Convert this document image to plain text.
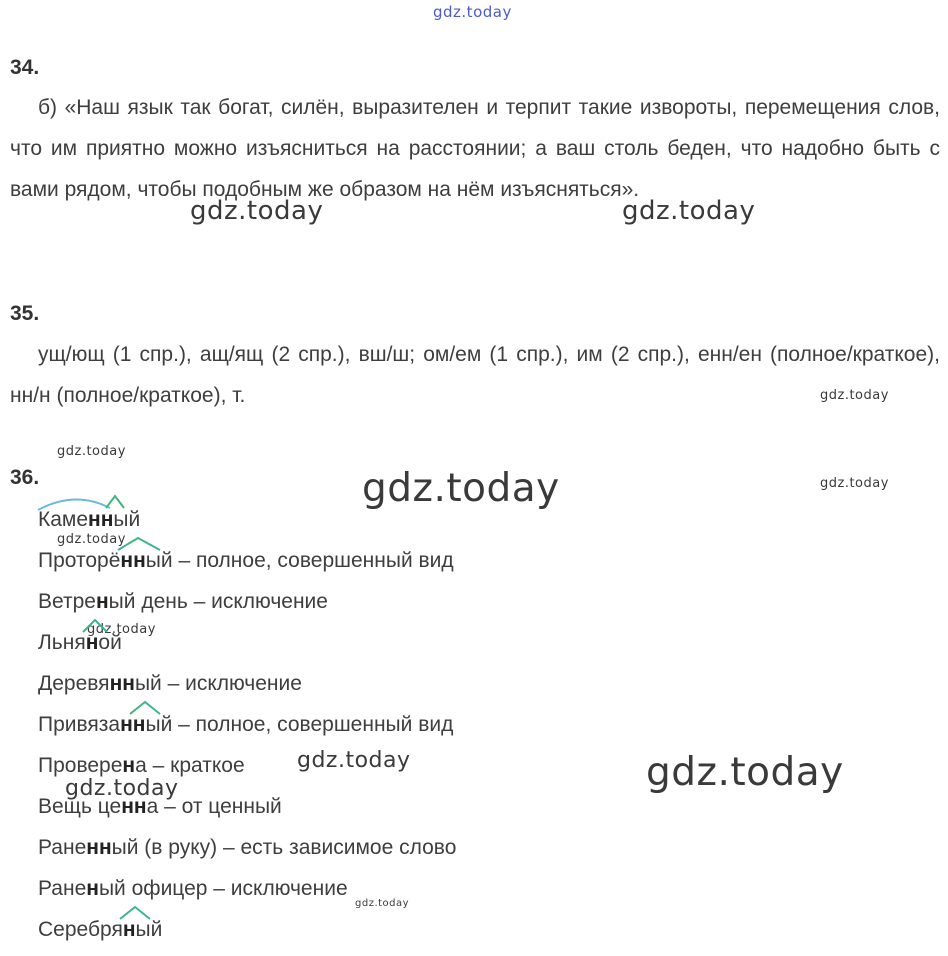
gdz.today
gdz.today	gdz.today
gdz.today
gdz.today
gdz.today	gdz.today
gdz.today
gdz.today
gdz.today
gdz.today	gdz.today
gdz.today
34.
б) «Наш язык так богат, силён, выразителен и терпит такие извороты, перемещения слов, что им приятно можно изъясниться на расстоянии; а ваш столь беден, что надобно быть с вами рядом, чтобы подобным же образом на нём изъясняться».
35.
ущ/ющ (1 спр.), ащ/ящ (2 спр.), вш/ш; ом/ем (1 спр.), им (2 спр.), енн/ен (полное/краткое), нн/н (полное/краткое), т.
36.
Каменный
Проторённый – полное, совершенный вид
Ветреный день – исключение
Льняной
Деревянный – исключение
Привязанный – полное, совершенный вид
Проверена – краткое
Вещь ценна – от ценный
Раненный (в руку) – есть зависимое слово
Раненый офицер – исключение
Серебряный
